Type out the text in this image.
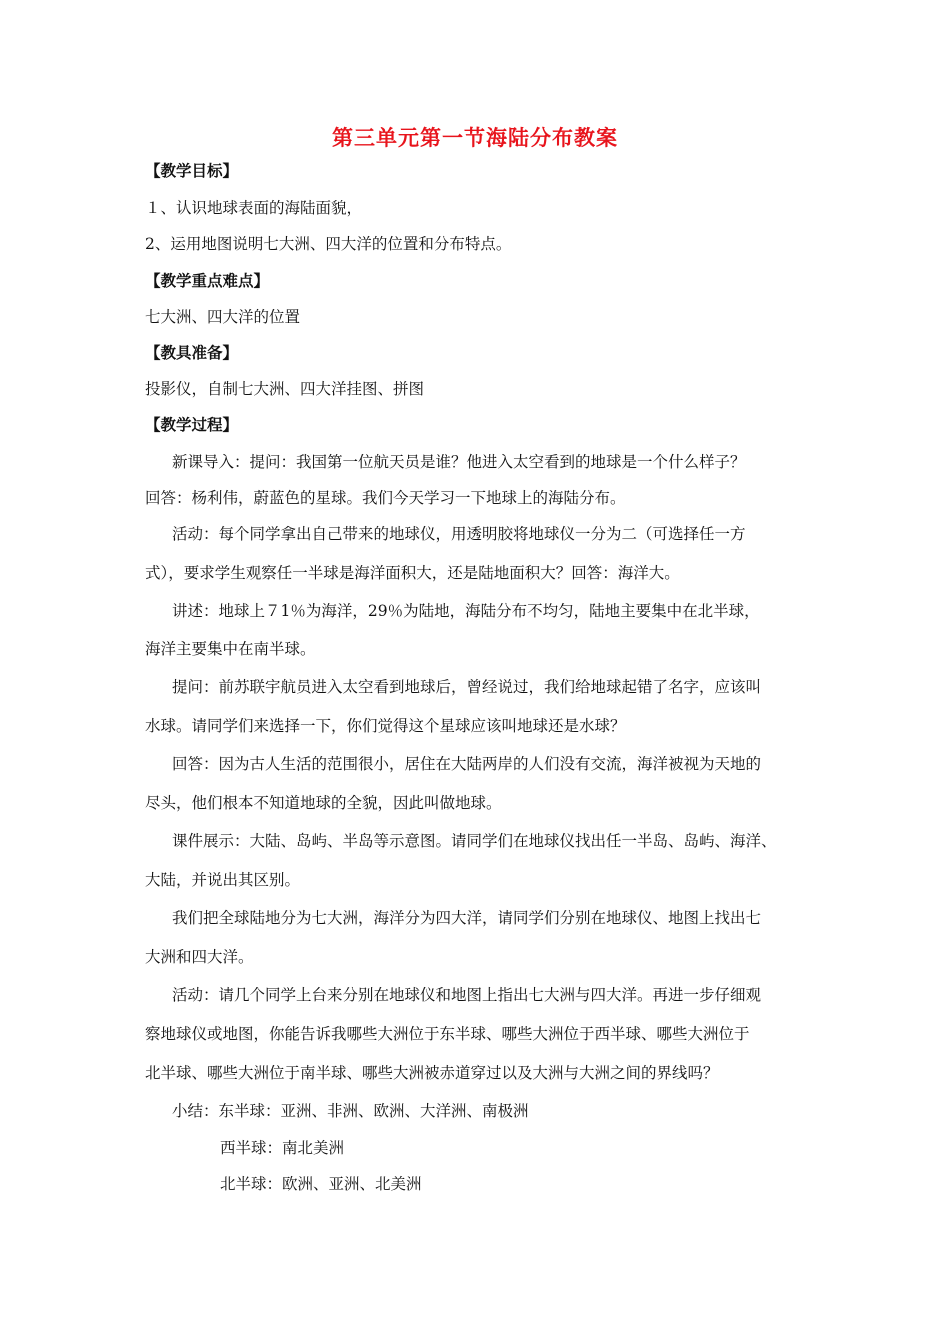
第三单元第一节海陆分布教案
【教学目标】
１、认识地球表面的海陆面貌，
2、运用地图说明七大洲、四大洋的位置和分布特点。
【教学重点难点】
七大洲、四大洋的位置
【教具准备】
投影仪，自制七大洲、四大洋挂图、拼图
【教学过程】
新课导入：提问：我国第一位航天员是谁？他进入太空看到的地球是一个什么样子？
回答：杨利伟，蔚蓝色的星球。我们今天学习一下地球上的海陆分布。
活动：每个同学拿出自己带来的地球仪，用透明胶将地球仪一分为二（可选择任一方
式），要求学生观察任一半球是海洋面积大，还是陆地面积大？回答：海洋大。
讲述：地球上７1％为海洋，29％为陆地，海陆分布不均匀，陆地主要集中在北半球，
海洋主要集中在南半球。
提问：前苏联宇航员进入太空看到地球后，曾经说过，我们给地球起错了名字，应该叫
水球。请同学们来选择一下，你们觉得这个星球应该叫地球还是水球？
回答：因为古人生活的范围很小，居住在大陆两岸的人们没有交流，海洋被视为天地的
尽头，他们根本不知道地球的全貌，因此叫做地球。
课件展示：大陆、岛屿、半岛等示意图。请同学们在地球仪找出任一半岛、岛屿、海洋、
大陆，并说出其区别。
我们把全球陆地分为七大洲，海洋分为四大洋，请同学们分别在地球仪、地图上找出七
大洲和四大洋。
活动：请几个同学上台来分别在地球仪和地图上指出七大洲与四大洋。再进一步仔细观
察地球仪或地图，你能告诉我哪些大洲位于东半球、哪些大洲位于西半球、哪些大洲位于
北半球、哪些大洲位于南半球、哪些大洲被赤道穿过以及大洲与大洲之间的界线吗？
小结：东半球：亚洲、非洲、欧洲、大洋洲、南极洲
西半球：南北美洲
北半球：欧洲、亚洲、北美洲
